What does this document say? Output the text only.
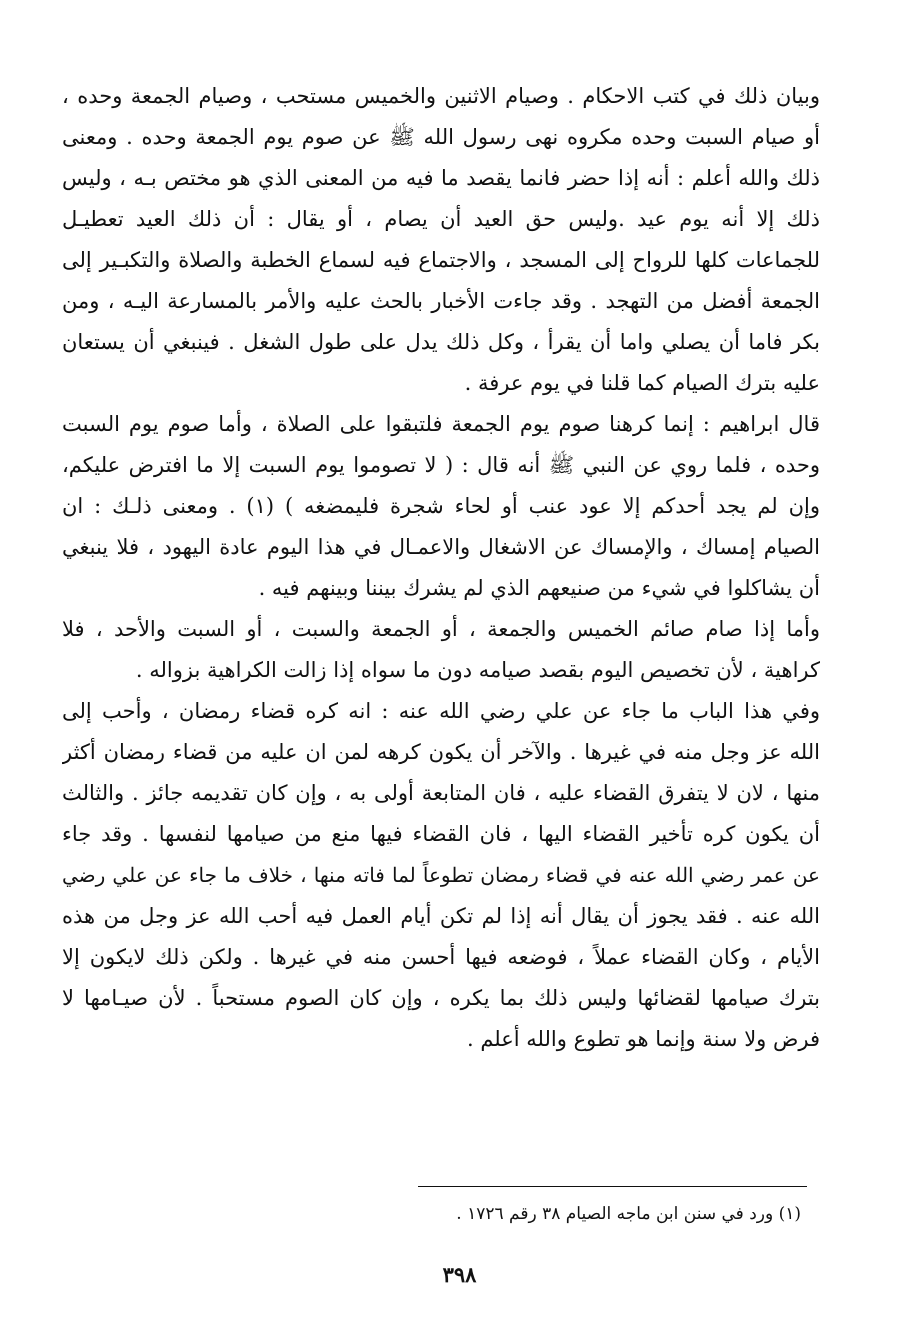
وبيان ذلك في كتب الاحكام . وصيام الاثنين والخميس مستحب ، وصيام الجمعة وحده ،
أو صيام السبت وحده مكروه نهى رسول الله ﷺ عن صوم يوم الجمعة وحده . ومعنى
ذلك والله أعلم : أنه إذا حضر فانما يقصد ما فيه من المعنى الذي هو مختص بـه ، وليس
ذلك إلا أنه يوم عيد .وليس حق العيد أن يصام ، أو يقال : أن ذلك العيد تعطيـل
للجماعات كلها للرواح إلى المسجد ، والاجتماع فيه لسماع الخطبة والصلاة والتكبـير إلى
الجمعة أفضل من التهجد . وقد جاءت الأخبار بالحث عليه والأمر بالمسارعة اليـه ، ومن
بكر فاما أن يصلي واما أن يقرأ ، وكل ذلك يدل على طول الشغل . فينبغي أن يستعان
عليه بترك الصيام كما قلنا في يوم عرفة .
قال ابراهيم : إنما كرهنا صوم يوم الجمعة فلتبقوا على الصلاة ، وأما صوم يوم السبت
وحده ، فلما روي عن النبي ﷺ أنه قال : ( لا تصوموا يوم السبت إلا ما افترض عليكم،
وإن لم يجد أحدكم إلا عود عنب أو لحاء شجرة فليمضغه ) (١) . ومعنى ذلـك : ان
الصيام إمساك ، والإمساك عن الاشغال والاعمـال في هذا اليوم عادة اليهود ، فلا ينبغي
أن يشاكلوا في شيء من صنيعهم الذي لم يشرك بيننا وبينهم فيه .
وأما إذا صام صائم الخميس والجمعة ، أو الجمعة والسبت ، أو السبت والأحد ، فلا
كراهية ، لأن تخصيص اليوم بقصد صيامه دون ما سواه إذا زالت الكراهية بزواله .
وفي هذا الباب ما جاء عن علي رضي الله عنه : انه كره قضاء رمضان ، وأحب إلى
الله عز وجل منه في غيرها . والآخر أن يكون كرهه لمن ان عليه من قضاء رمضان أكثر
منها ، لان لا يتفرق القضاء عليه ، فان المتابعة أولى به ، وإن كان تقديمه جائز . والثالث
أن يكون كره تأخير القضاء اليها ، فان القضاء فيها منع من صيامها لنفسها . وقد جاء
عن عمر رضي الله عنه في قضاء رمضان تطوعاً لما فاته منها ، خلاف ما جاء عن علي رضي
الله عنه . فقد يجوز أن يقال أنه إذا لم تكن أيام العمل فيه أحب الله عز وجل من هذه
الأيام ، وكان القضاء عملاً ، فوضعه فيها أحسن منه في غيرها . ولكن ذلك لايكون إلا
بترك صيامها لقضائها وليس ذلك بما يكره ، وإن كان الصوم مستحباً . لأن صيـامها لا
فرض ولا سنة وإنما هو تطوع والله أعلم .
(١) ورد في سنن ابن ماجه الصيام ٣٨ رقم ١٧٢٦ .
٣٩٨
